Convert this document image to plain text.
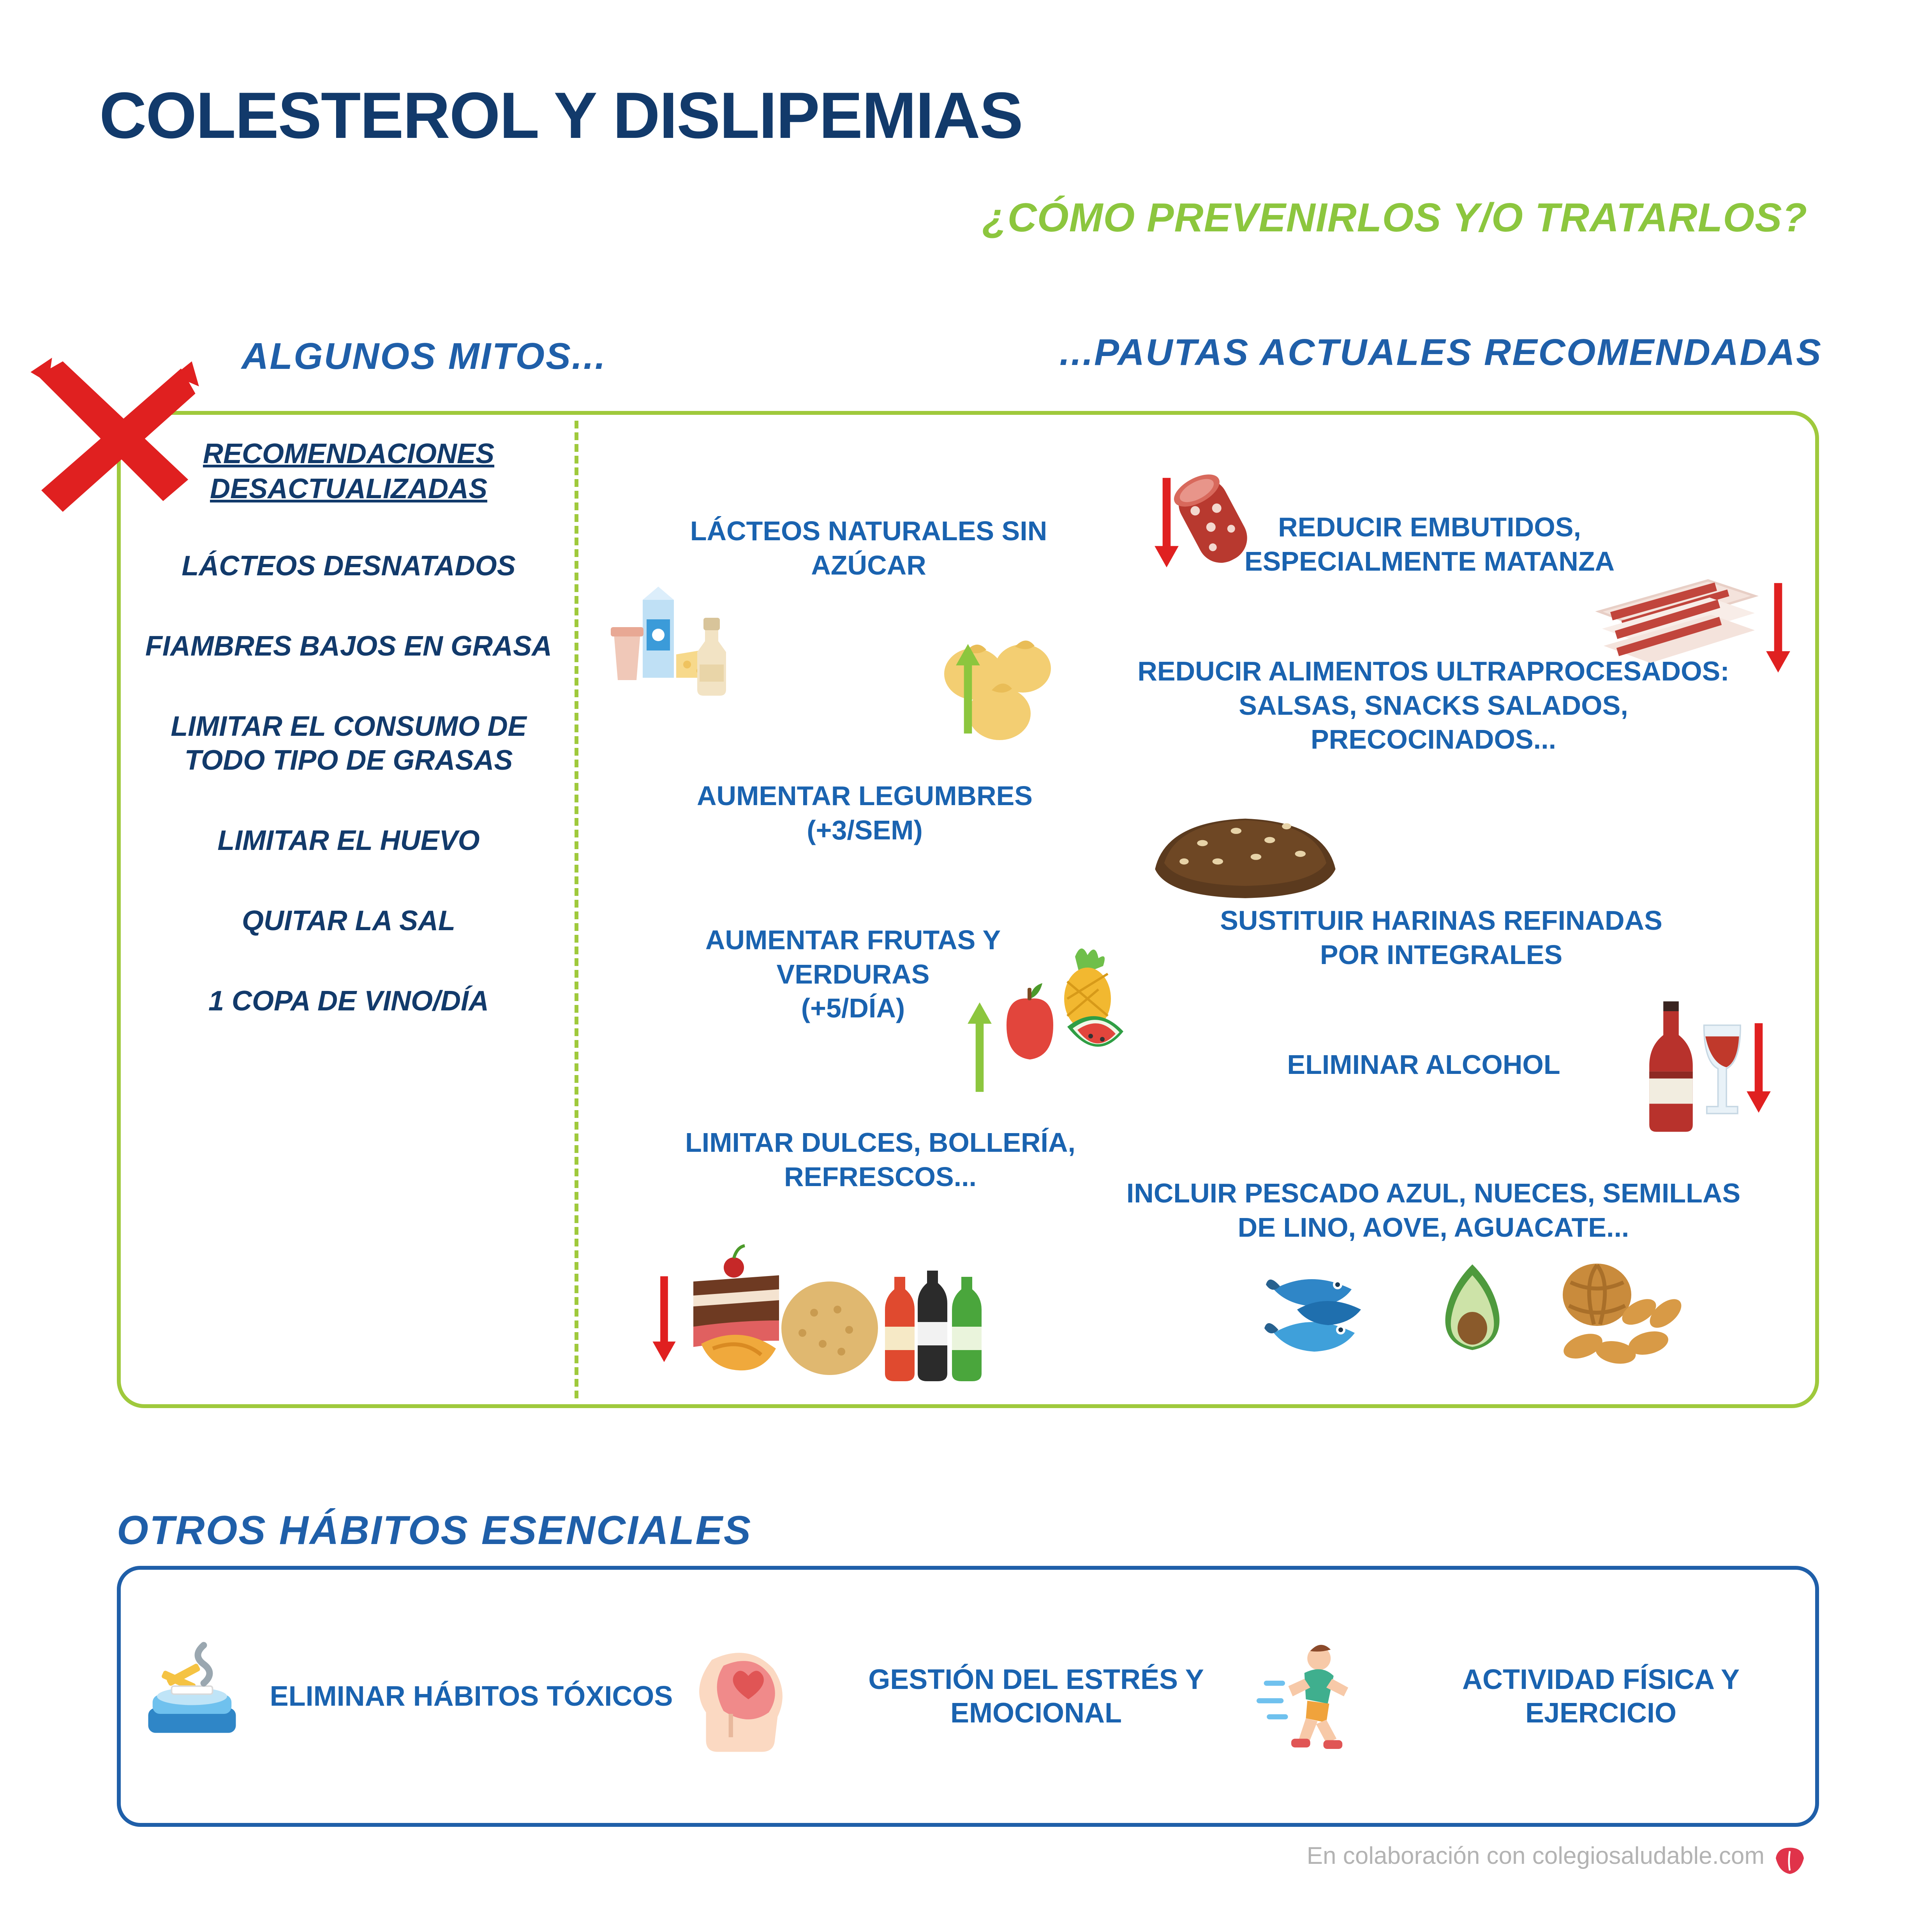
COLESTEROL Y DISLIPEMIAS
¿CÓMO PREVENIRLOS Y/O TRATARLOS?
ALGUNOS MITOS...	...PAUTAS ACTUALES RECOMENDADAS
OTROS HÁBITOS ESENCIALES
RECOMENDACIONES DESACTUALIZADAS
LÁCTEOS DESNATADOS
FIAMBRES BAJOS EN GRASA
LIMITAR EL CONSUMO DE TODO TIPO DE GRASAS
LIMITAR EL HUEVO
QUITAR LA SAL
1 COPA DE VINO/DÍA
LÁCTEOS NATURALES SIN AZÚCAR
AUMENTAR LEGUMBRES
(+3/SEM)
AUMENTAR FRUTAS Y VERDURAS
(+5/DÍA)
LIMITAR DULCES, BOLLERÍA, REFRESCOS...
REDUCIR EMBUTIDOS, ESPECIALMENTE MATANZA
REDUCIR ALIMENTOS ULTRAPROCESADOS: SALSAS, SNACKS SALADOS, PRECOCINADOS...
SUSTITUIR HARINAS REFINADAS POR INTEGRALES
ELIMINAR ALCOHOL
INCLUIR PESCADO AZUL, NUECES, SEMILLAS DE LINO, AOVE, AGUACATE...
ELIMINAR HÁBITOS TÓXICOS
GESTIÓN DEL ESTRÉS Y EMOCIONAL
ACTIVIDAD FÍSICA Y EJERCICIO
En colaboración con colegiosaludable.com
